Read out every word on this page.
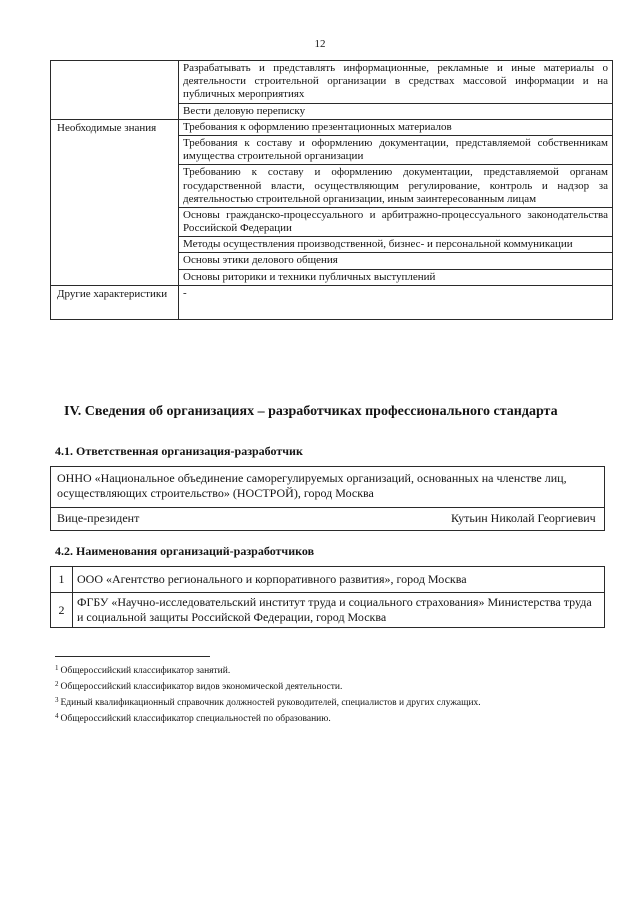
12
	Разрабатывать и представлять информационные, рекламные и иные материалы о деятельности строительной организации в средствах массовой информации и на публичных мероприятиях
	Вести деловую переписку
Необходимые знания	Требования к оформлению презентационных материалов
	Требования к составу и оформлению документации, представляемой собственникам имущества строительной организации
	Требованию к составу и оформлению документации, представляемой органам государственной власти, осуществляющим регулирование, контроль и надзор за деятельностью строительной организации, иным заинтересованным лицам
	Основы гражданско-процессуального и арбитражно-процессуального законодательства Российской Федерации
	Методы осуществления производственной, бизнес- и персональной коммуникации
	Основы этики делового общения
	Основы риторики и техники публичных выступлений
Другие характеристики	-
IV. Сведения об организациях – разработчиках профессионального стандарта
4.1. Ответственная организация-разработчик
ОННО «Национальное объединение саморегулируемых организаций, основанных на членстве лиц, осуществляющих строительство» (НОСТРОЙ), город Москва
Вице-президент	Кутьин Николай Георгиевич
4.2. Наименования организаций-разработчиков
1	ООО «Агентство регионального и корпоративного развития», город Москва
2	ФГБУ «Научно-исследовательский институт труда и социального страхования» Министерства труда и социальной защиты Российской Федерации, город Москва
$^1$ Общероссийский классификатор занятий.
$^2$ Общероссийский классификатор видов экономической деятельности.
$^3$ Единый квалификационный справочник должностей руководителей, специалистов и других служащих.
$^4$ Общероссийский классификатор специальностей по образованию.
